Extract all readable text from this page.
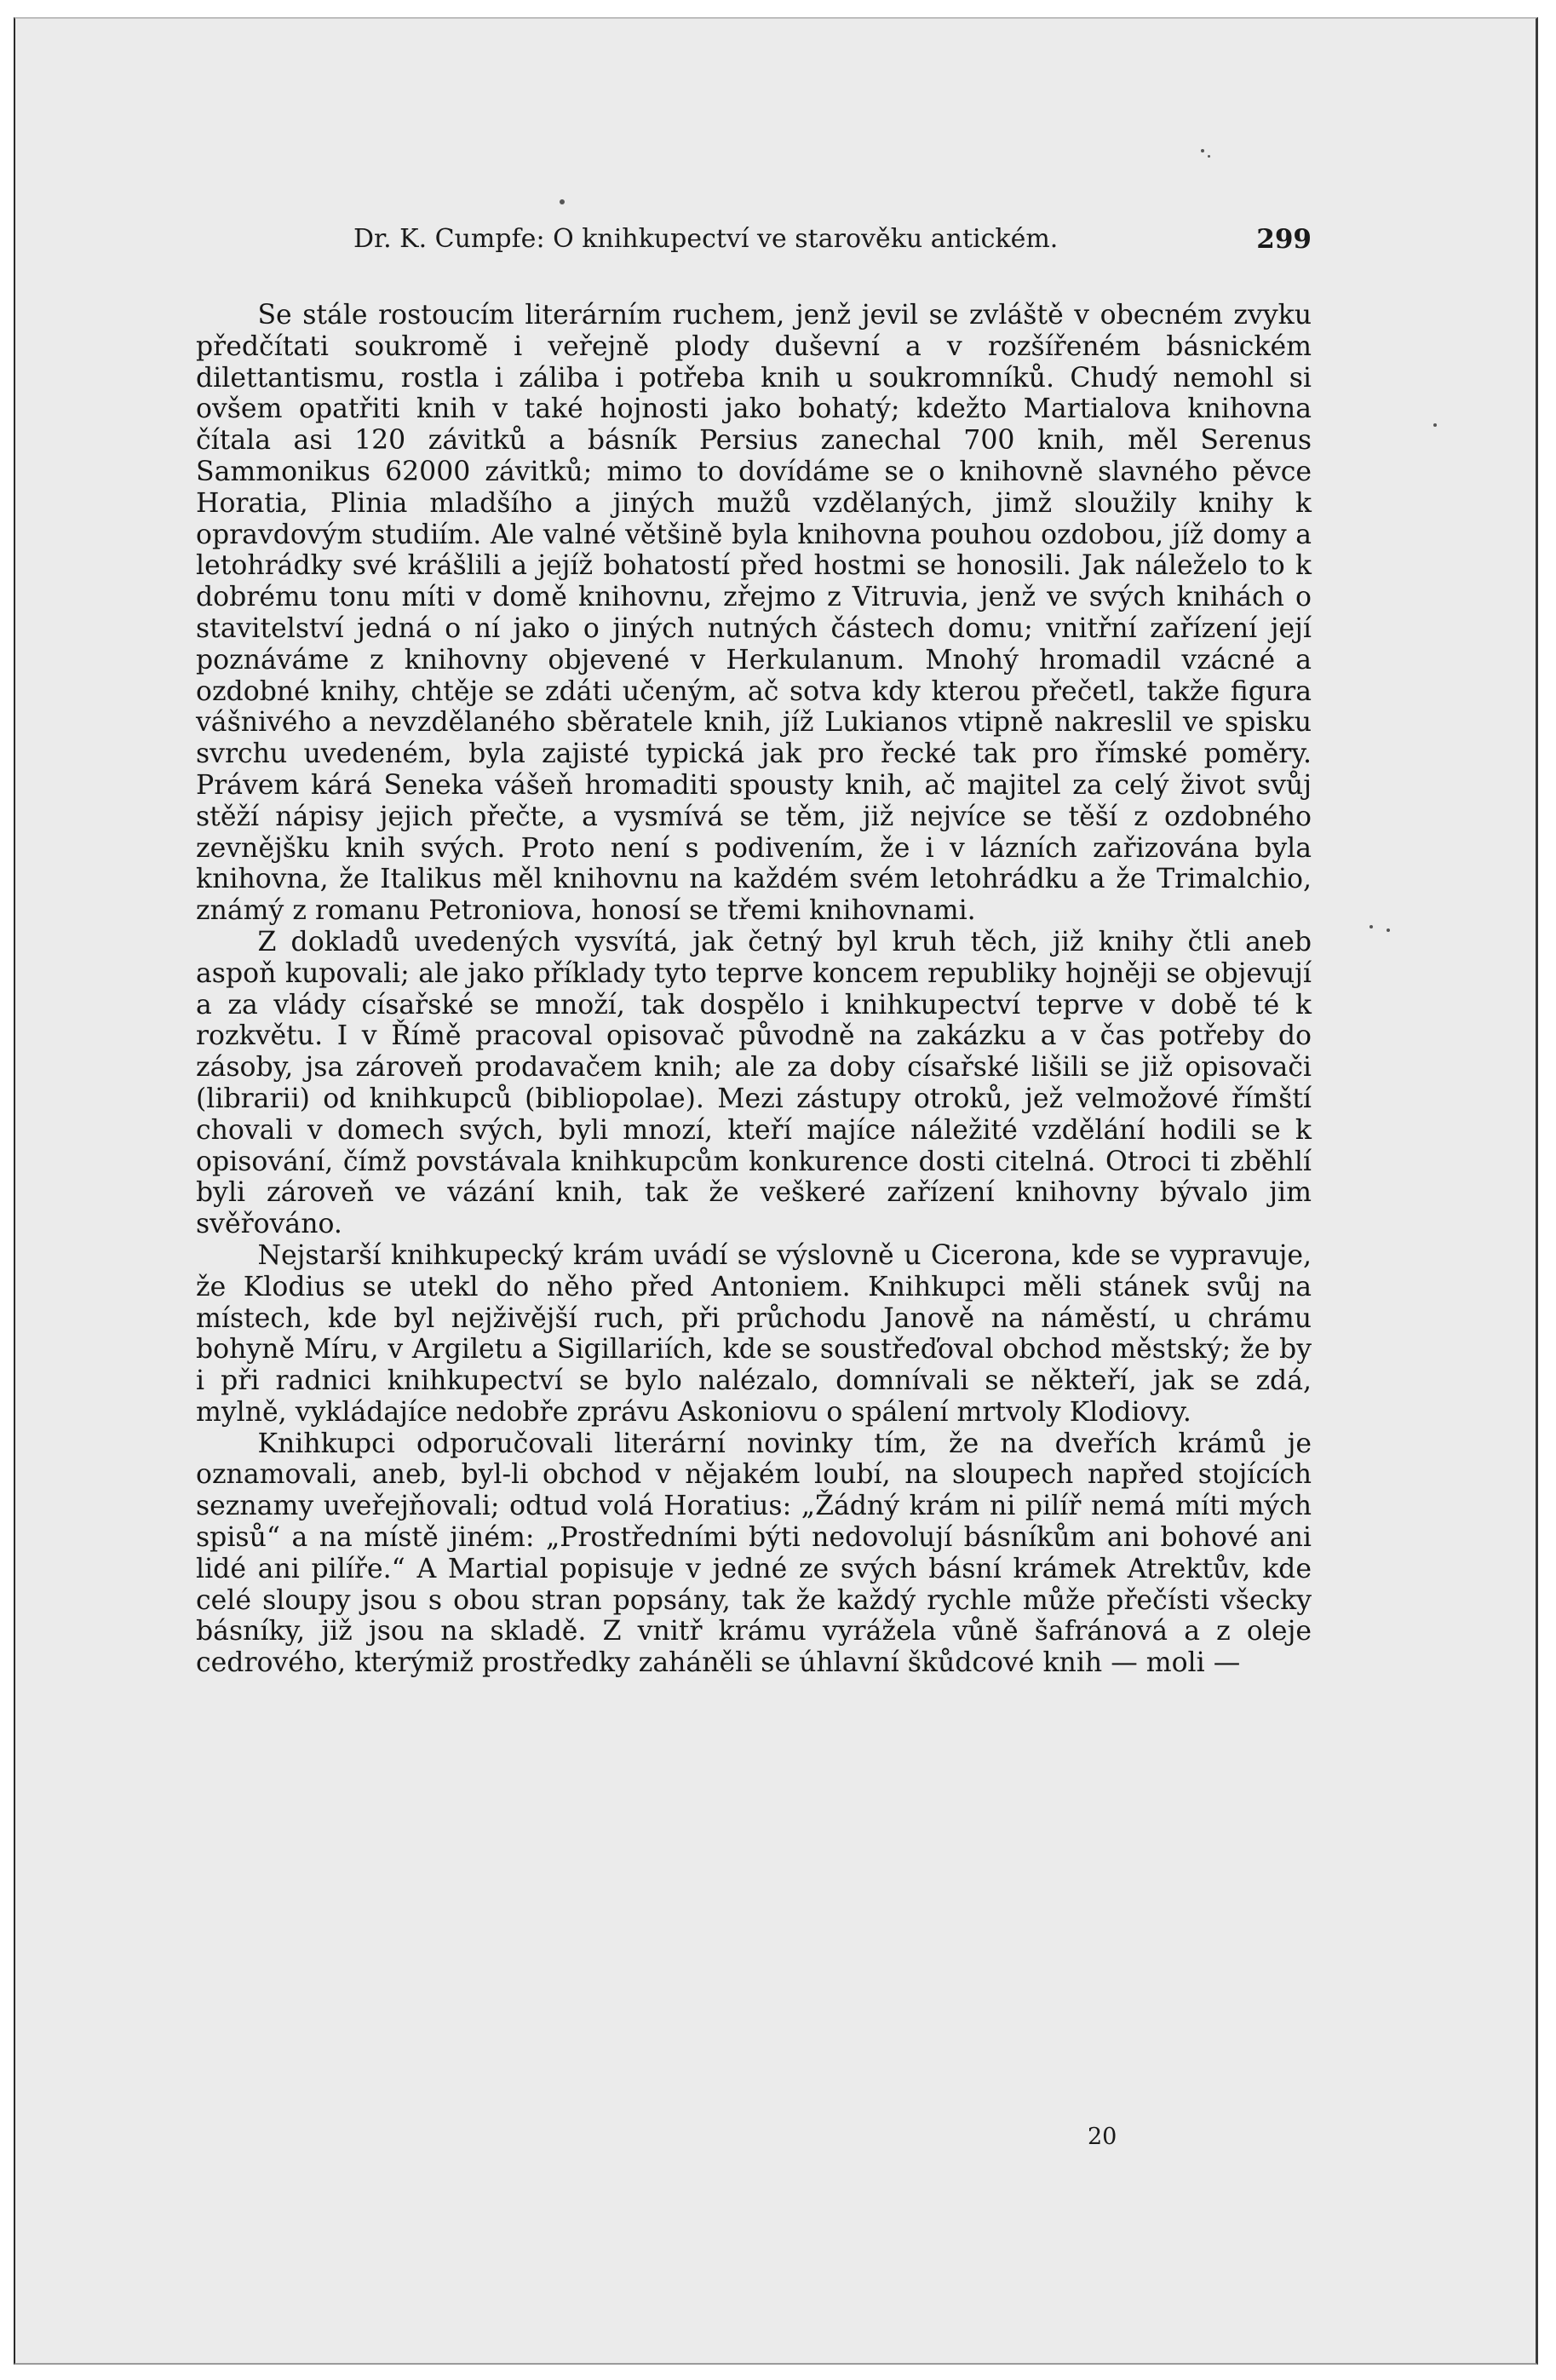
Dr. K. Cumpfe: O knihkupectví ve starověku antickém.	299

Se stále rostoucím literárním ruchem, jenž jevil se zvláště v obecném zvyku předčítati soukromě i veřejně plody duševní a v rozšířeném básnickém dilettantismu, rostla i záliba i potřeba knih u soukromníků. Chudý nemohl si ovšem opatřiti knih v také hojnosti jako bohatý; kdežto Martialova knihovna čítala asi 120 závitků a básník Persius zanechal 700 knih, měl Serenus Sammonikus 62000 závitků; mimo to dovídáme se o knihovně slavného pěvce Horatia, Plinia mladšího a jiných mužů vzdělaných, jimž sloužily knihy k opravdovým studiím. Ale valné většině byla knihovna pouhou ozdobou, jíž domy a letohrádky své krášlili a jejíž bohatostí před hostmi se honosili. Jak náleželo to k dobrému tonu míti v domě knihovnu, zřejmo z Vitruvia, jenž ve svých knihách o stavitelství jedná o ní jako o jiných nutných částech domu; vnitřní zařízení její poznáváme z knihovny objevené v Herkulanum. Mnohý hromadil vzácné a ozdobné knihy, chtěje se zdáti učeným, ač sotva kdy kterou přečetl, takže figura vášnivého a nevzdělaného sběratele knih, jíž Lukianos vtipně nakreslil ve spisku svrchu uvedeném, byla zajisté typická jak pro řecké tak pro římské poměry. Právem kárá Seneka vášeň hromaditi spousty knih, ač majitel za celý život svůj stěží nápisy jejich přečte, a vysmívá se těm, již nejvíce se těší z ozdobného zevnějšku knih svých. Proto není s podivením, že i v lázních zařizována byla knihovna, že Italikus měl knihovnu na každém svém letohrádku a že Trimalchio, známý z romanu Petroniova, honosí se třemi knihovnami.

Z dokladů uvedených vysvítá, jak četný byl kruh těch, již knihy čtli aneb aspoň kupovali; ale jako příklady tyto teprve koncem republiky hojněji se objevují a za vlády císařské se množí, tak dospělo i knihkupectví teprve v době té k rozkvětu. I v Římě pracoval opisovač původně na zakázku a v čas potřeby do zásoby, jsa zároveň prodavačem knih; ale za doby císařské lišili se již opisovači (librarii) od knihkupců (bibliopolae). Mezi zástupy otroků, jež velmožové římští chovali v domech svých, byli mnozí, kteří majíce náležité vzdělání hodili se k opisování, čímž povstávala knihkupcům konkurence dosti citelná. Otroci ti zběhlí byli zároveň ve vázání knih, tak že veškeré zařízení knihovny bývalo jim svěřováno.

Nejstarší knihkupecký krám uvádí se výslovně u Cicerona, kde se vypravuje, že Klodius se utekl do něho před Antoniem. Knihkupci měli stánek svůj na místech, kde byl nejživější ruch, při průchodu Janově na náměstí, u chrámu bohyně Míru, v Argiletu a Sigillariích, kde se soustřeďoval obchod městský; že by i při radnici knihkupectví se bylo nalézalo, domnívali se někteří, jak se zdá, mylně, vykládajíce nedobře zprávu Askoniovu o spálení mrtvoly Klodiovy.

Knihkupci odporučovali literární novinky tím, že na dveřích krámů je oznamovali, aneb, byl-li obchod v nějakém loubí, na sloupech napřed stojících seznamy uveřejňovali; odtud volá Horatius: „Žádný krám ni pilíř nemá míti mých spisů“ a na místě jiném: „Prostředními býti nedovolují básníkům ani bohové ani lidé ani pilíře.“ A Martial popisuje v jedné ze svých básní krámek Atrektův, kde celé sloupy jsou s obou stran popsány, tak že každý rychle může přečísti všecky básníky, již jsou na skladě. Z vnitř krámu vyrážela vůně šafránová a z oleje cedrového, kterýmiž prostředky zaháněli se úhlavní škůdcové knih — moli —

20
